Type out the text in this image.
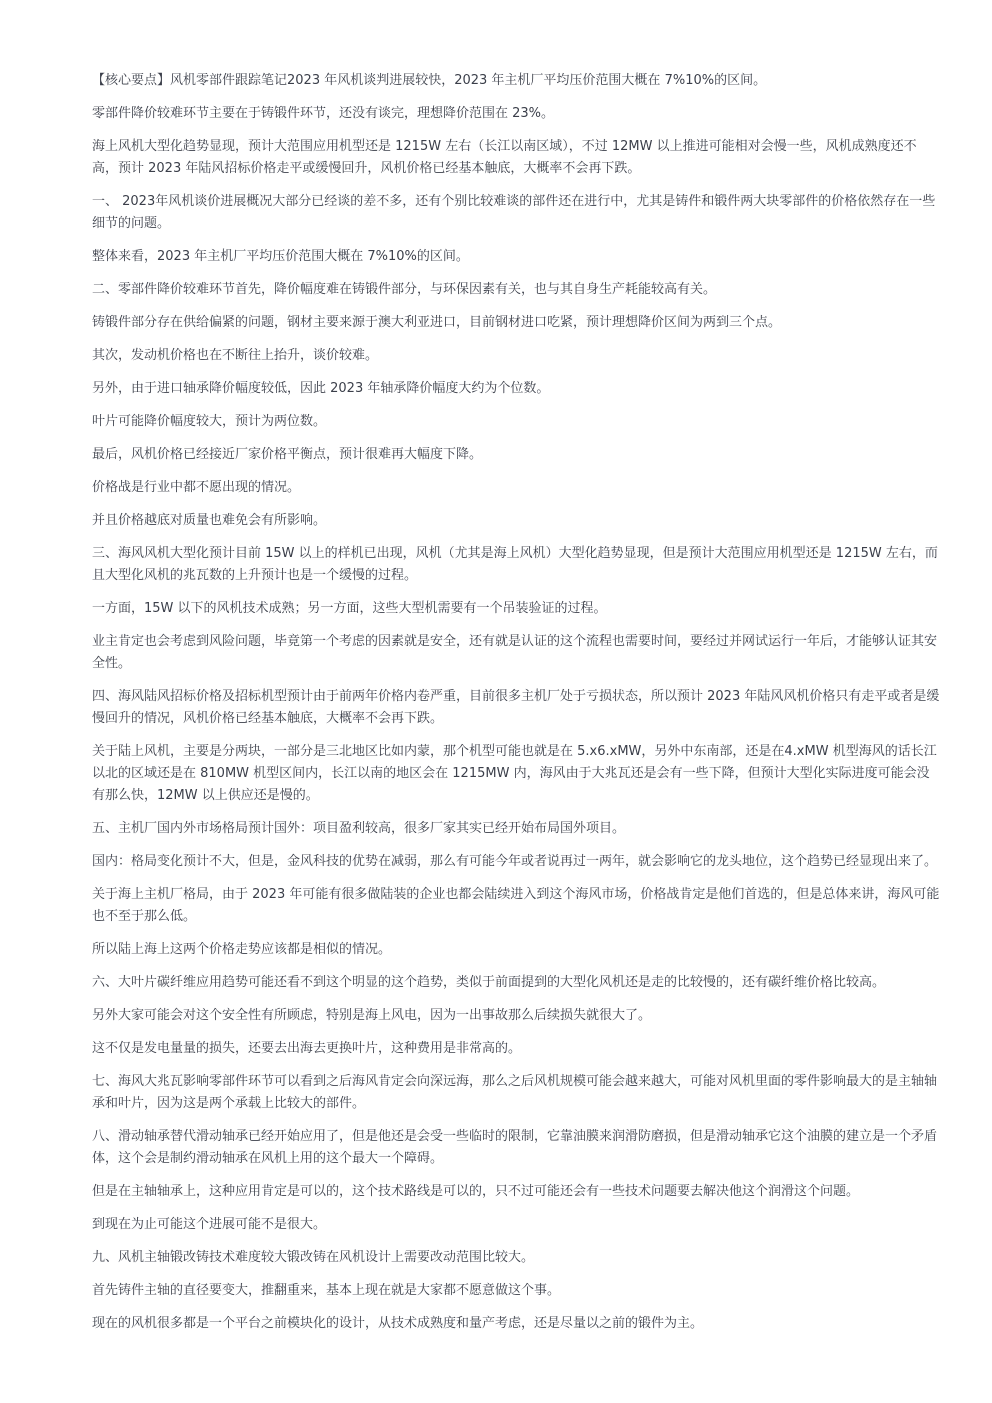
【核心要点】风机零部件跟踪笔记2023 年风机谈判进展较快，2023 年主机厂平均压价范围大概在 7%10%的区间。

零部件降价较难环节主要在于铸锻件环节，还没有谈完，理想降价范围在 23%。

海上风机大型化趋势显现，预计大范围应用机型还是 1215W 左右（长江以南区域），不过 12MW 以上推进可能相对会慢一些，风机成熟度还不高，预计 2023 年陆风招标价格走平或缓慢回升，风机价格已经基本触底，大概率不会再下跌。

一、 2023年风机谈价进展概况大部分已经谈的差不多，还有个别比较难谈的部件还在进行中，尤其是铸件和锻件两大块零部件的价格依然存在一些细节的问题。

整体来看，2023 年主机厂平均压价范围大概在 7%10%的区间。

二、零部件降价较难环节首先，降价幅度难在铸锻件部分，与环保因素有关，也与其自身生产耗能较高有关。

铸锻件部分存在供给偏紧的问题，钢材主要来源于澳大利亚进口，目前钢材进口吃紧，预计理想降价区间为两到三个点。

其次，发动机价格也在不断往上抬升，谈价较难。

另外，由于进口轴承降价幅度较低，因此 2023 年轴承降价幅度大约为个位数。

叶片可能降价幅度较大，预计为两位数。

最后，风机价格已经接近厂家价格平衡点，预计很难再大幅度下降。

价格战是行业中都不愿出现的情况。

并且价格越底对质量也难免会有所影响。

三、海风风机大型化预计目前 15W 以上的样机已出现，风机（尤其是海上风机）大型化趋势显现，但是预计大范围应用机型还是 1215W 左右，而且大型化风机的兆瓦数的上升预计也是一个缓慢的过程。

一方面，15W 以下的风机技术成熟；另一方面，这些大型机需要有一个吊装验证的过程。

业主肯定也会考虑到风险问题，毕竟第一个考虑的因素就是安全，还有就是认证的这个流程也需要时间，要经过并网试运行一年后，才能够认证其安全性。

四、海风陆风招标价格及招标机型预计由于前两年价格内卷严重，目前很多主机厂处于亏损状态，所以预计 2023 年陆风风机价格只有走平或者是缓慢回升的情况，风机价格已经基本触底，大概率不会再下跌。

关于陆上风机，主要是分两块，一部分是三北地区比如内蒙，那个机型可能也就是在 5.x6.xMW，另外中东南部，还是在4.xMW 机型海风的话长江以北的区域还是在 810MW 机型区间内，长江以南的地区会在 1215MW 内，海风由于大兆瓦还是会有一些下降，但预计大型化实际进度可能会没有那么快，12MW 以上供应还是慢的。

五、主机厂国内外市场格局预计国外：项目盈利较高，很多厂家其实已经开始布局国外项目。

国内：格局变化预计不大，但是，金风科技的优势在减弱，那么有可能今年或者说再过一两年，就会影响它的龙头地位，这个趋势已经显现出来了。

关于海上主机厂格局，由于 2023 年可能有很多做陆装的企业也都会陆续进入到这个海风市场，价格战肯定是他们首选的，但是总体来讲，海风可能也不至于那么低。

所以陆上海上这两个价格走势应该都是相似的情况。

六、大叶片碳纤维应用趋势可能还看不到这个明显的这个趋势，类似于前面提到的大型化风机还是走的比较慢的，还有碳纤维价格比较高。

另外大家可能会对这个安全性有所顾虑，特别是海上风电，因为一出事故那么后续损失就很大了。

这不仅是发电量量的损失，还要去出海去更换叶片，这种费用是非常高的。

七、海风大兆瓦影响零部件环节可以看到之后海风肯定会向深远海，那么之后风机规模可能会越来越大，可能对风机里面的零件影响最大的是主轴轴承和叶片，因为这是两个承载上比较大的部件。

八、滑动轴承替代滑动轴承已经开始应用了，但是他还是会受一些临时的限制，它靠油膜来润滑防磨损，但是滑动轴承它这个油膜的建立是一个矛盾体，这个会是制约滑动轴承在风机上用的这个最大一个障碍。

但是在主轴轴承上，这种应用肯定是可以的，这个技术路线是可以的，只不过可能还会有一些技术问题要去解决他这个润滑这个问题。

到现在为止可能这个进展可能不是很大。

九、风机主轴锻改铸技术难度较大锻改铸在风机设计上需要改动范围比较大。

首先铸件主轴的直径要变大，推翻重来，基本上现在就是大家都不愿意做这个事。

现在的风机很多都是一个平台之前模块化的设计，从技术成熟度和量产考虑，还是尽量以之前的锻件为主。
